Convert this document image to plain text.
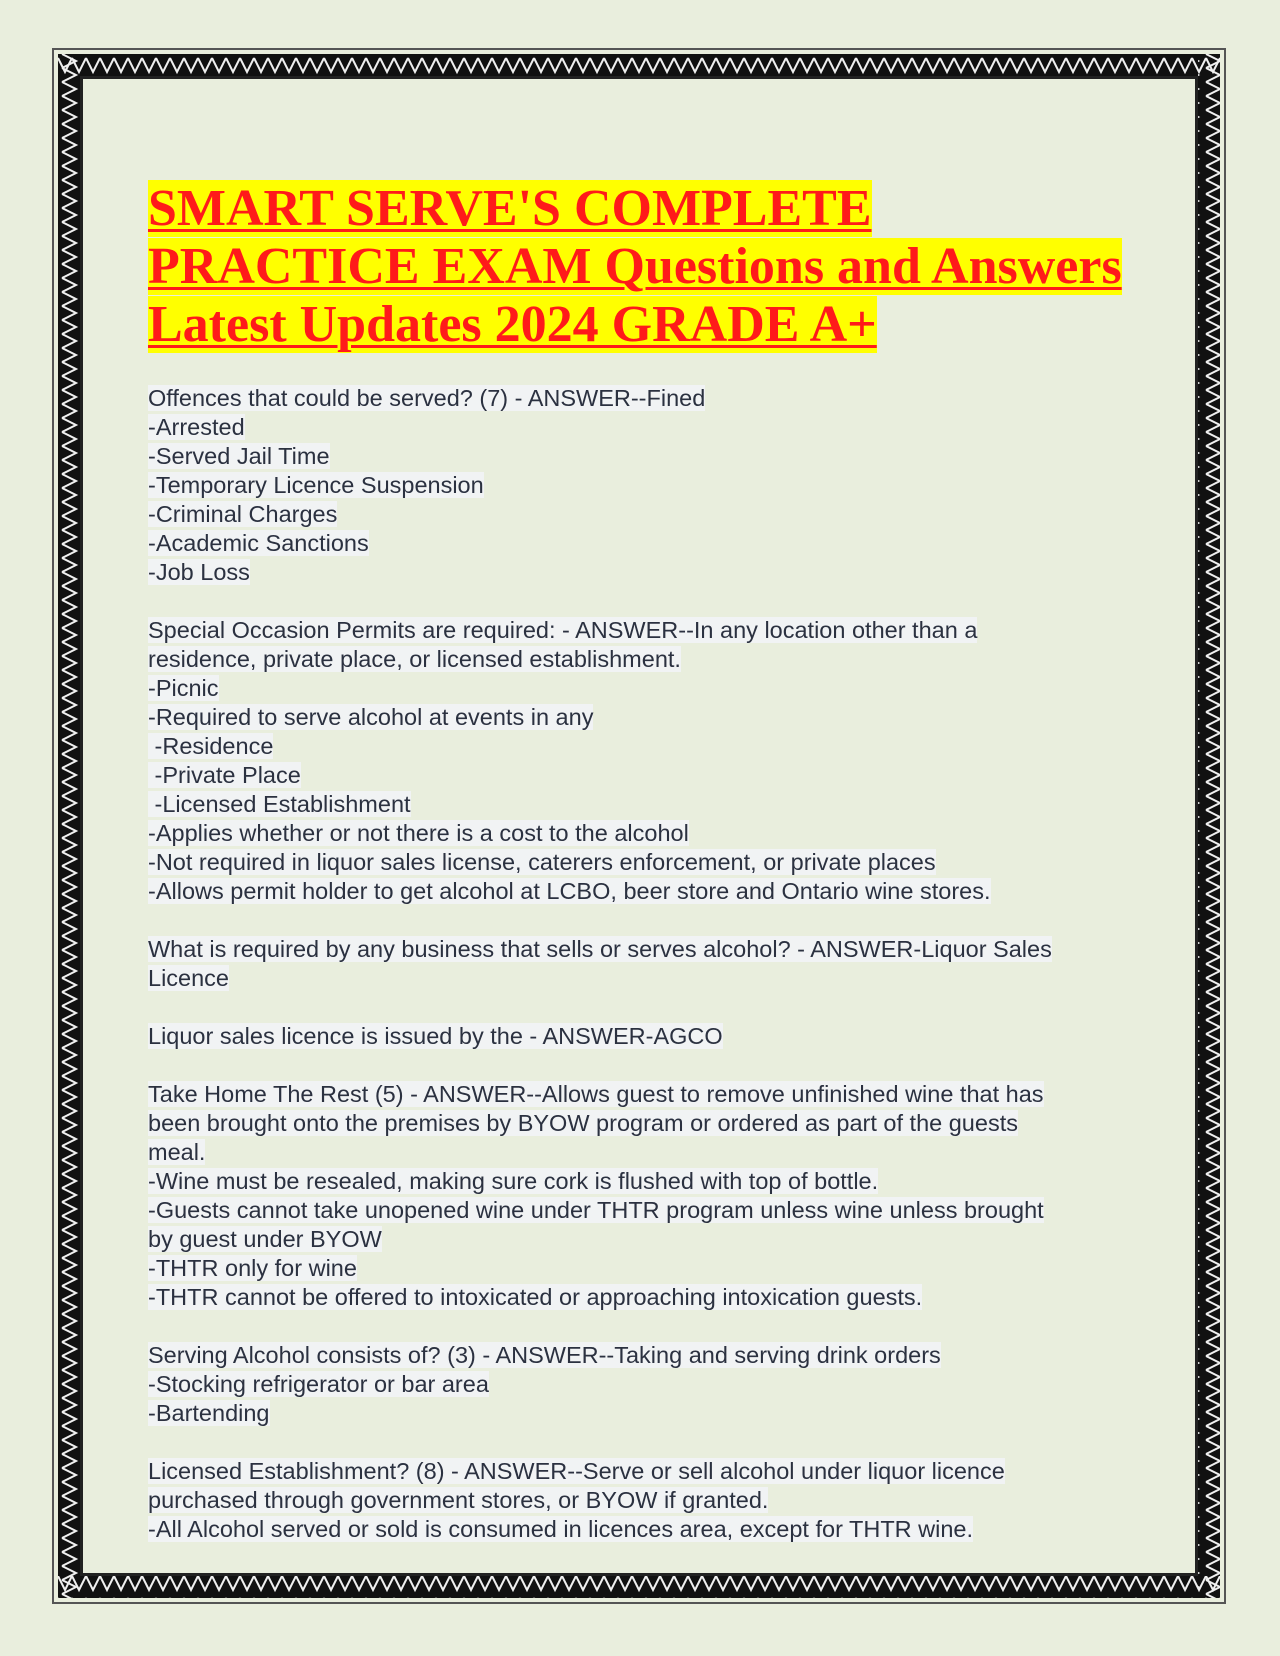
SMART SERVE'S COMPLETE PRACTICE EXAM Questions and Answers Latest Updates 2024 GRADE A+
Offences that could be served? (7) - ANSWER--Fined
-Arrested
-Served Jail Time
-Temporary Licence Suspension
-Criminal Charges
-Academic Sanctions
-Job Loss
Special Occasion Permits are required: - ANSWER--In any location other than a
residence, private place, or licensed establishment.
-Picnic
-Required to serve alcohol at events in any
-Residence
-Private Place
-Licensed Establishment
-Applies whether or not there is a cost to the alcohol
-Not required in liquor sales license, caterers enforcement, or private places
-Allows permit holder to get alcohol at LCBO, beer store and Ontario wine stores.
What is required by any business that sells or serves alcohol? - ANSWER-Liquor Sales
Licence
Liquor sales licence is issued by the - ANSWER-AGCO
Take Home The Rest (5) - ANSWER--Allows guest to remove unfinished wine that has
been brought onto the premises by BYOW program or ordered as part of the guests
meal.
-Wine must be resealed, making sure cork is flushed with top of bottle.
-Guests cannot take unopened wine under THTR program unless wine unless brought
by guest under BYOW
-THTR only for wine
-THTR cannot be offered to intoxicated or approaching intoxication guests.
Serving Alcohol consists of? (3) - ANSWER--Taking and serving drink orders
-Stocking refrigerator or bar area
-Bartending
Licensed Establishment? (8) - ANSWER--Serve or sell alcohol under liquor licence
purchased through government stores, or BYOW if granted.
-All Alcohol served or sold is consumed in licences area, except for THTR wine.
